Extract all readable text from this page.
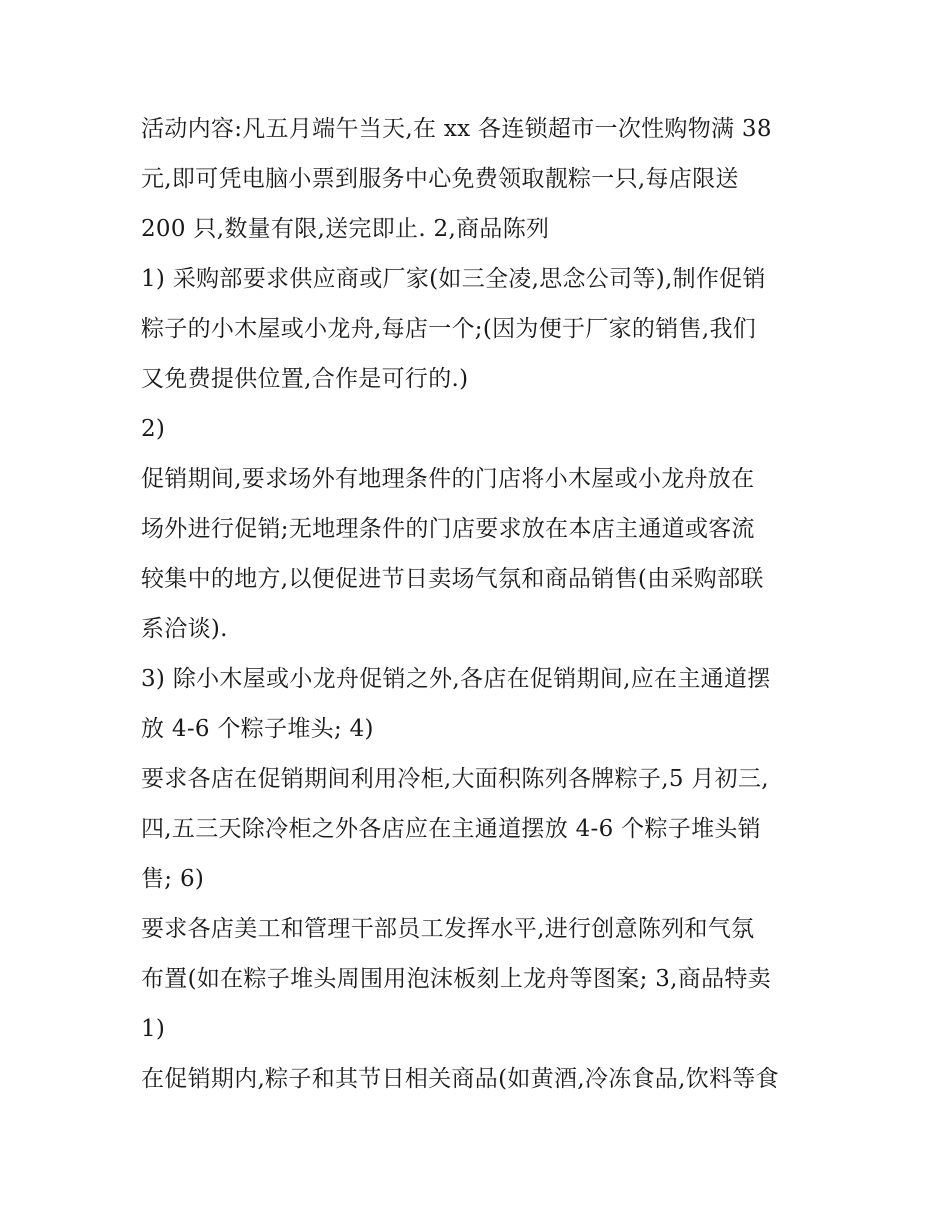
活动内容:凡五月端午当天,在 xx 各连锁超市一次性购物满 38
元,即可凭电脑小票到服务中心免费领取靓粽一只,每店限送
200 只,数量有限,送完即止. 2,商品陈列
1) 采购部要求供应商或厂家(如三全凌,思念公司等),制作促销
粽子的小木屋或小龙舟,每店一个;(因为便于厂家的销售,我们
又免费提供位置,合作是可行的.)
2)
促销期间,要求场外有地理条件的门店将小木屋或小龙舟放在
场外进行促销;无地理条件的门店要求放在本店主通道或客流
较集中的地方,以便促进节日卖场气氛和商品销售(由采购部联
系洽谈).
3) 除小木屋或小龙舟促销之外,各店在促销期间,应在主通道摆
放 4-6 个粽子堆头; 4)
要求各店在促销期间利用冷柜,大面积陈列各牌粽子,5 月初三,
四,五三天除冷柜之外各店应在主通道摆放 4-6 个粽子堆头销
售; 6)
要求各店美工和管理干部员工发挥水平,进行创意陈列和气氛
布置(如在粽子堆头周围用泡沫板刻上龙舟等图案; 3,商品特卖
1)
在促销期内,粽子和其节日相关商品(如黄酒,冷冻食品,饮料等食
